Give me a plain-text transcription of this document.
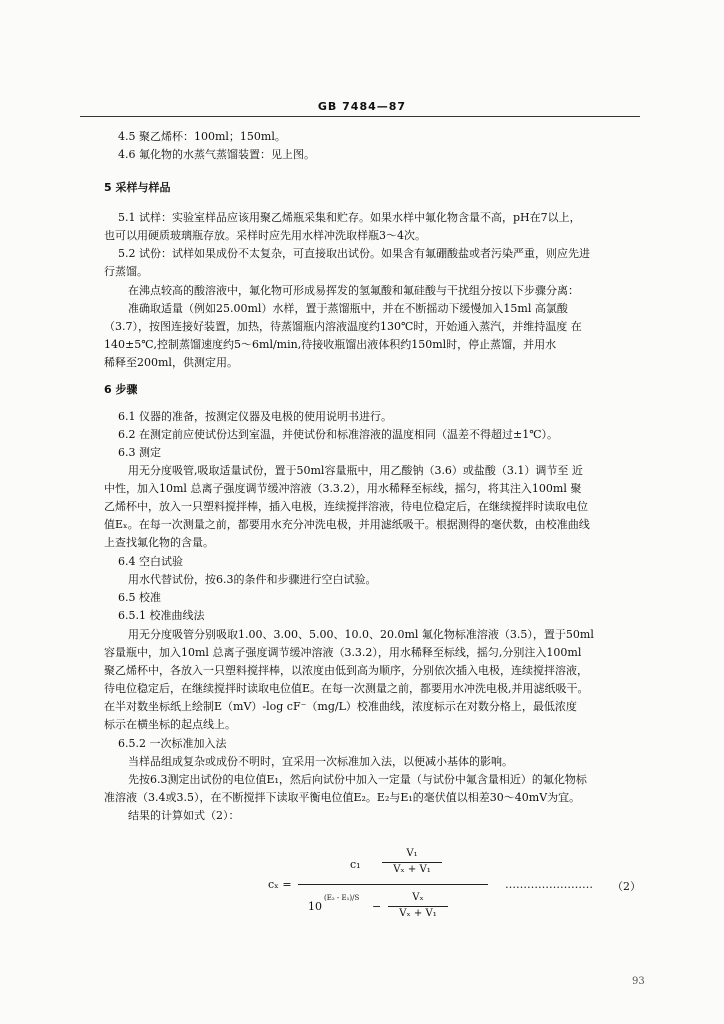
GB 7484—87
4.5 聚乙烯杯：100ml；150ml。
4.6 氟化物的水蒸气蒸馏装置：见上图。
5 采样与样品
5.1 试样：实验室样品应该用聚乙烯瓶采集和贮存。如果水样中氟化物含量不高，pH在7以上，
也可以用硬质玻璃瓶存放。采样时应先用水样冲洗取样瓶3～4次。
5.2 试份：试样如果成份不太复杂，可直接取出试份。如果含有氟硼酸盐或者污染严重，则应先进
行蒸馏。
在沸点较高的酸溶液中，氟化物可形成易挥发的氢氟酸和氟硅酸与干扰组分按以下步骤分离：
准确取适量（例如25.00ml）水样，置于蒸馏瓶中，并在不断摇动下缓慢加入15ml 高氯酸
（3.7），按图连接好装置，加热，待蒸馏瓶内溶液温度约130℃时，开始通入蒸汽，并维持温度 在
140±5℃,控制蒸馏速度约5～6ml/min,待接收瓶馏出液体积约150ml时，停止蒸馏，并用水
稀释至200ml，供测定用。
6 步骤
6.1 仪器的准备，按测定仪器及电极的使用说明书进行。
6.2 在测定前应使试份达到室温，并使试份和标准溶液的温度相同（温差不得超过±1℃）。
6.3 测定
用无分度吸管,吸取适量试份，置于50ml容量瓶中，用乙酸钠（3.6）或盐酸（3.1）调节至 近
中性，加入10ml 总离子强度调节缓冲溶液（3.3.2），用水稀释至标线，摇匀，将其注入100ml 聚
乙烯杯中，放入一只塑料搅拌棒，插入电极，连续搅拌溶液，待电位稳定后，在继续搅拌时读取电位
值Eₓ。在每一次测量之前，都要用水充分冲洗电极，并用滤纸吸干。根据测得的毫伏数，由校准曲线
上查找氟化物的含量。
6.4 空白试验
用水代替试份，按6.3的条件和步骤进行空白试验。
6.5 校准
6.5.1 校准曲线法
用无分度吸管分别吸取1.00、3.00、5.00、10.0、20.0ml 氟化物标准溶液（3.5），置于50ml
容量瓶中，加入10ml 总离子强度调节缓冲溶液（3.3.2），用水稀释至标线，摇匀,分别注入100ml
聚乙烯杯中，各放入一只塑料搅拌棒，以浓度由低到高为顺序，分别依次插入电极，连续搅拌溶液，
待电位稳定后，在继续搅拌时读取电位值E。在每一次测量之前，都要用水冲洗电极,并用滤纸吸干。
在半对数坐标纸上绘制E（mV）-log cF⁻（mg/L）校准曲线，浓度标示在对数分格上，最低浓度
标示在横坐标的起点线上。
6.5.2 一次标准加入法
当样品组成复杂或成份不明时，宜采用一次标准加入法，以便减小基体的影响。
先按6.3测定出试份的电位值E₁，然后向试份中加入一定量（与试份中氟含量相近）的氟化物标
准溶液（3.4或3.5），在不断搅拌下读取平衡电位值E₂。E₂与E₁的毫伏值以相差30～40mV为宜。
结果的计算如式（2）：
cₓ =
c₁
V₁
Vₓ + V₁
10
(E₂ - E₁)/S
−
Vₓ
Vₓ + V₁
…………………… （2）
93
